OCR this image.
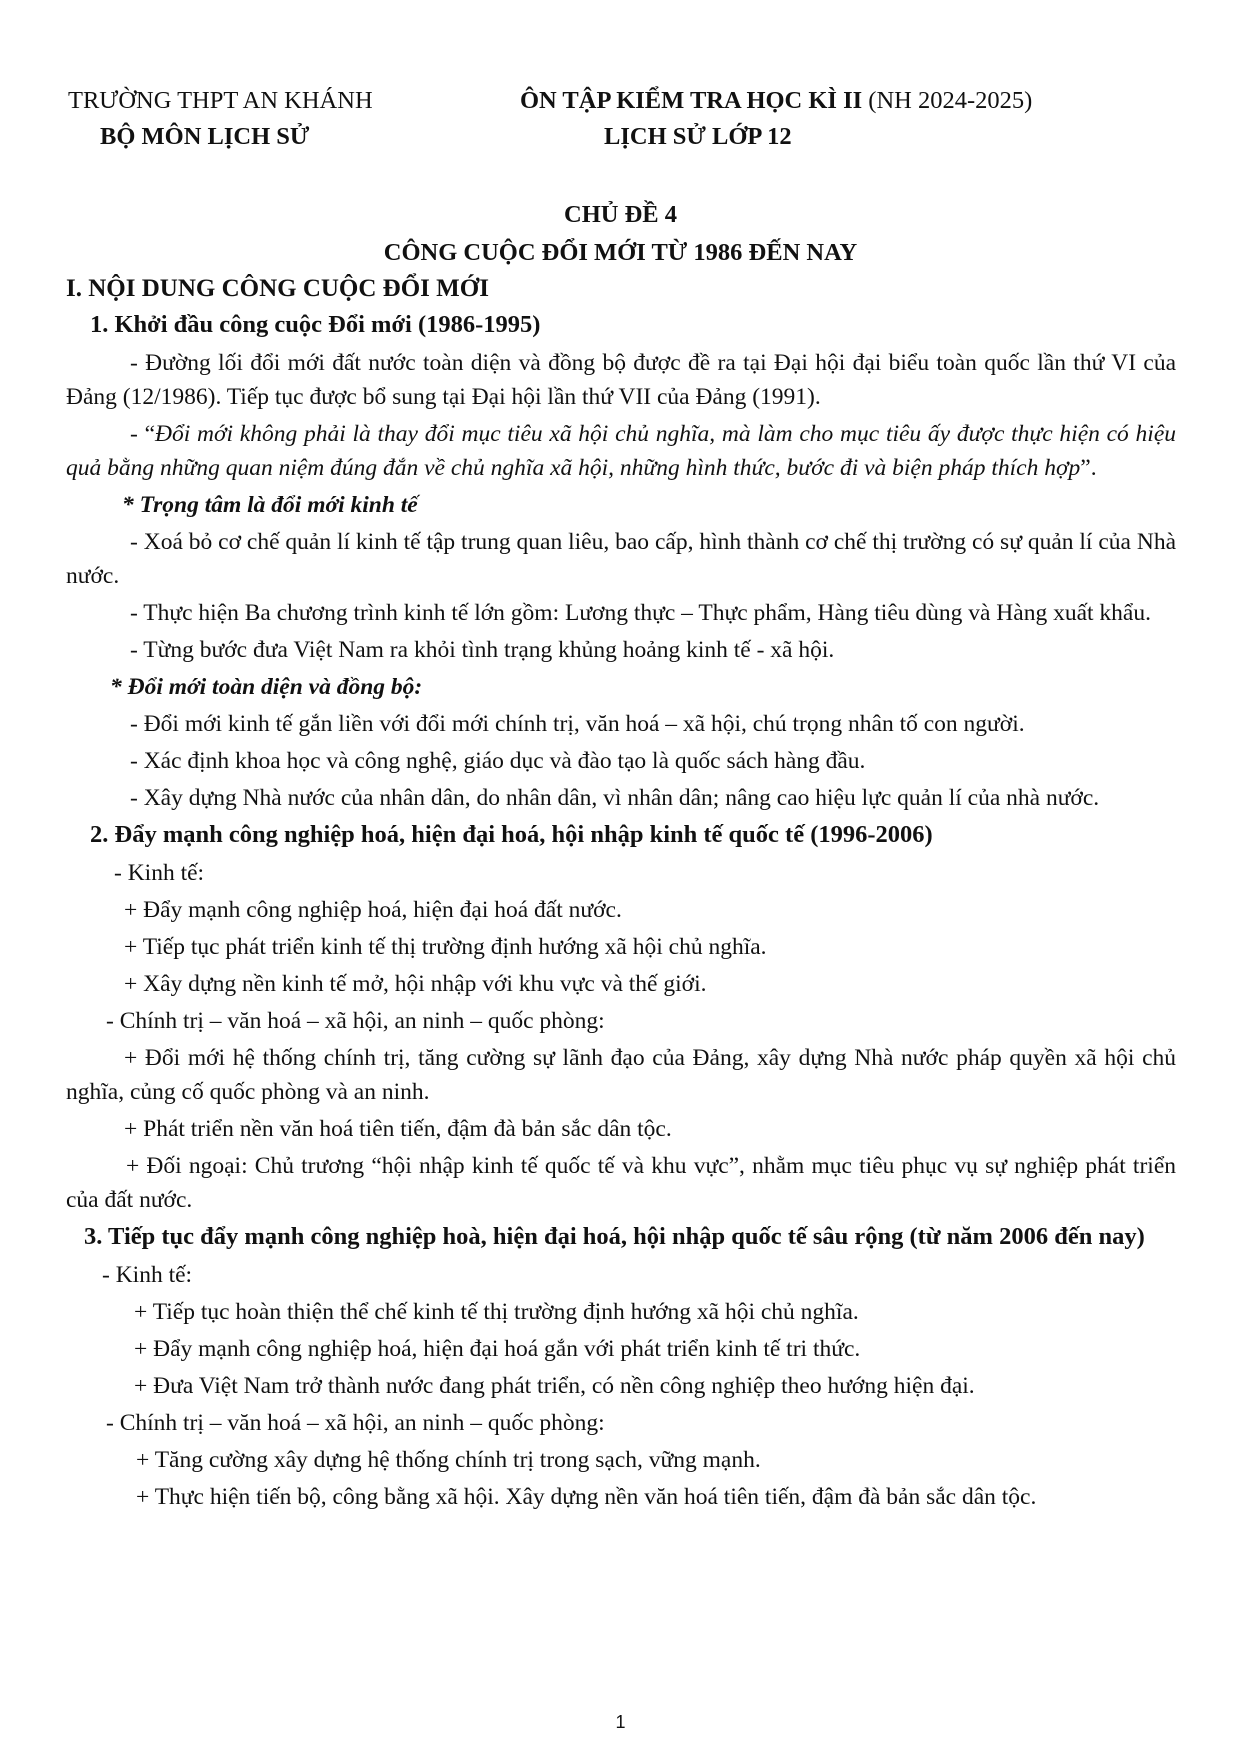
TRƯỜNG THPT AN KHÁNH	ÔN TẬP KIỂM TRA HỌC KÌ II (NH 2024-2025)
BỘ MÔN LỊCH SỬ	LỊCH SỬ LỚP 12
CHỦ ĐỀ 4
CÔNG CUỘC ĐỔI MỚI TỪ 1986 ĐẾN NAY
I. NỘI DUNG CÔNG CUỘC ĐỔI MỚI
1. Khởi đầu công cuộc Đổi mới (1986-1995)

- Đường lối đổi mới đất nước toàn diện và đồng bộ được đề ra tại Đại hội đại biểu toàn quốc lần thứ VI của Đảng (12/1986). Tiếp tục được bổ sung tại Đại hội lần thứ VII của Đảng (1991).

- “Đổi mới không phải là thay đổi mục tiêu xã hội chủ nghĩa, mà làm cho mục tiêu ấy được thực hiện có hiệu quả bằng những quan niệm đúng đắn về chủ nghĩa xã hội, những hình thức, bước đi và biện pháp thích hợp”.

* Trọng tâm là đổi mới kinh tế

- Xoá bỏ cơ chế quản lí kinh tế tập trung quan liêu, bao cấp, hình thành cơ chế thị trường có sự quản lí của Nhà nước.

- Thực hiện Ba chương trình kinh tế lớn gồm: Lương thực – Thực phẩm, Hàng tiêu dùng và Hàng xuất khẩu.

- Từng bước đưa Việt Nam ra khỏi tình trạng khủng hoảng kinh tế - xã hội.

* Đổi mới toàn diện và đồng bộ:

- Đổi mới kinh tế gắn liền với đổi mới chính trị, văn hoá – xã hội, chú trọng nhân tố con người.

- Xác định khoa học và công nghệ, giáo dục và đào tạo là quốc sách hàng đầu.

- Xây dựng Nhà nước của nhân dân, do nhân dân, vì nhân dân; nâng cao hiệu lực quản lí của nhà nước.

2. Đẩy mạnh công nghiệp hoá, hiện đại hoá, hội nhập kinh tế quốc tế (1996-2006)

- Kinh tế:

+ Đẩy mạnh công nghiệp hoá, hiện đại hoá đất nước.

+ Tiếp tục phát triển kinh tế thị trường định hướng xã hội chủ nghĩa.

+ Xây dựng nền kinh tế mở, hội nhập với khu vực và thế giới.

- Chính trị – văn hoá – xã hội, an ninh – quốc phòng:

+ Đổi mới hệ thống chính trị, tăng cường sự lãnh đạo của Đảng, xây dựng Nhà nước pháp quyền xã hội chủ nghĩa, củng cố quốc phòng và an ninh.

+ Phát triển nền văn hoá tiên tiến, đậm đà bản sắc dân tộc.

+ Đối ngoại: Chủ trương “hội nhập kinh tế quốc tế và khu vực”, nhằm mục tiêu phục vụ sự nghiệp phát triển của đất nước.

3. Tiếp tục đẩy mạnh công nghiệp hoà, hiện đại hoá, hội nhập quốc tế sâu rộng (từ năm 2006 đến nay)

- Kinh tế:

+ Tiếp tục hoàn thiện thể chế kinh tế thị trường định hướng xã hội chủ nghĩa.

+ Đẩy mạnh công nghiệp hoá, hiện đại hoá gắn với phát triển kinh tế tri thức.

+ Đưa Việt Nam trở thành nước đang phát triển, có nền công nghiệp theo hướng hiện đại.

- Chính trị – văn hoá – xã hội, an ninh – quốc phòng:

+ Tăng cường xây dựng hệ thống chính trị trong sạch, vững mạnh.

+ Thực hiện tiến bộ, công bằng xã hội. Xây dựng nền văn hoá tiên tiến, đậm đà bản sắc dân tộc.

1
